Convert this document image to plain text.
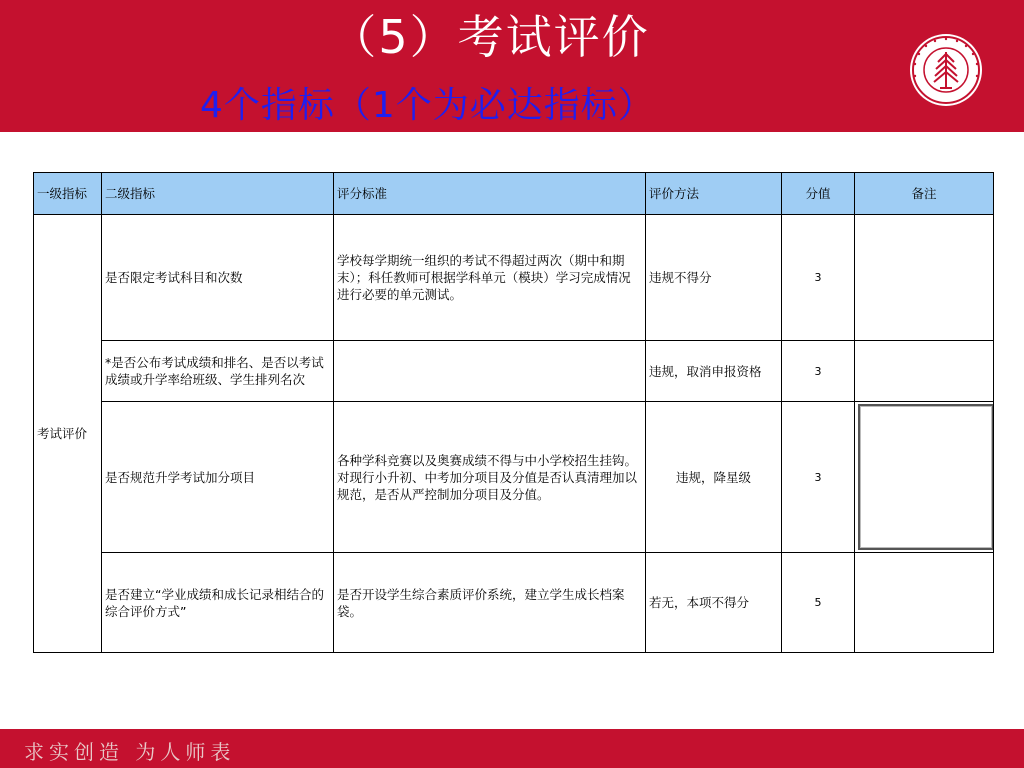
（5）考试评价
4个指标（1个为必达指标）
一级指标	二级指标	评分标准	评价方法	分值	备注
考试评价	是否限定考试科目和次数	学校每学期统一组织的考试不得超过两次（期中和期末）；科任教师可根据学科单元（模块）学习完成情况进行必要的单元测试。	违规不得分	3	
	*是否公布考试成绩和排名、是否以考试成绩或升学率给班级、学生排列名次		违规，取消申报资格	3	
	是否规范升学考试加分项目	各种学科竞赛以及奥赛成绩不得与中小学校招生挂钩。对现行小升初、中考加分项目及分值是否认真清理加以规范，是否从严控制加分项目及分值。	违规，降星级	3	

	是否建立“学业成绩和成长记录相结合的综合评价方式”	是否开设学生综合素质评价系统，建立学生成长档案袋。	若无，本项不得分	5	
求实创造 为人师表
